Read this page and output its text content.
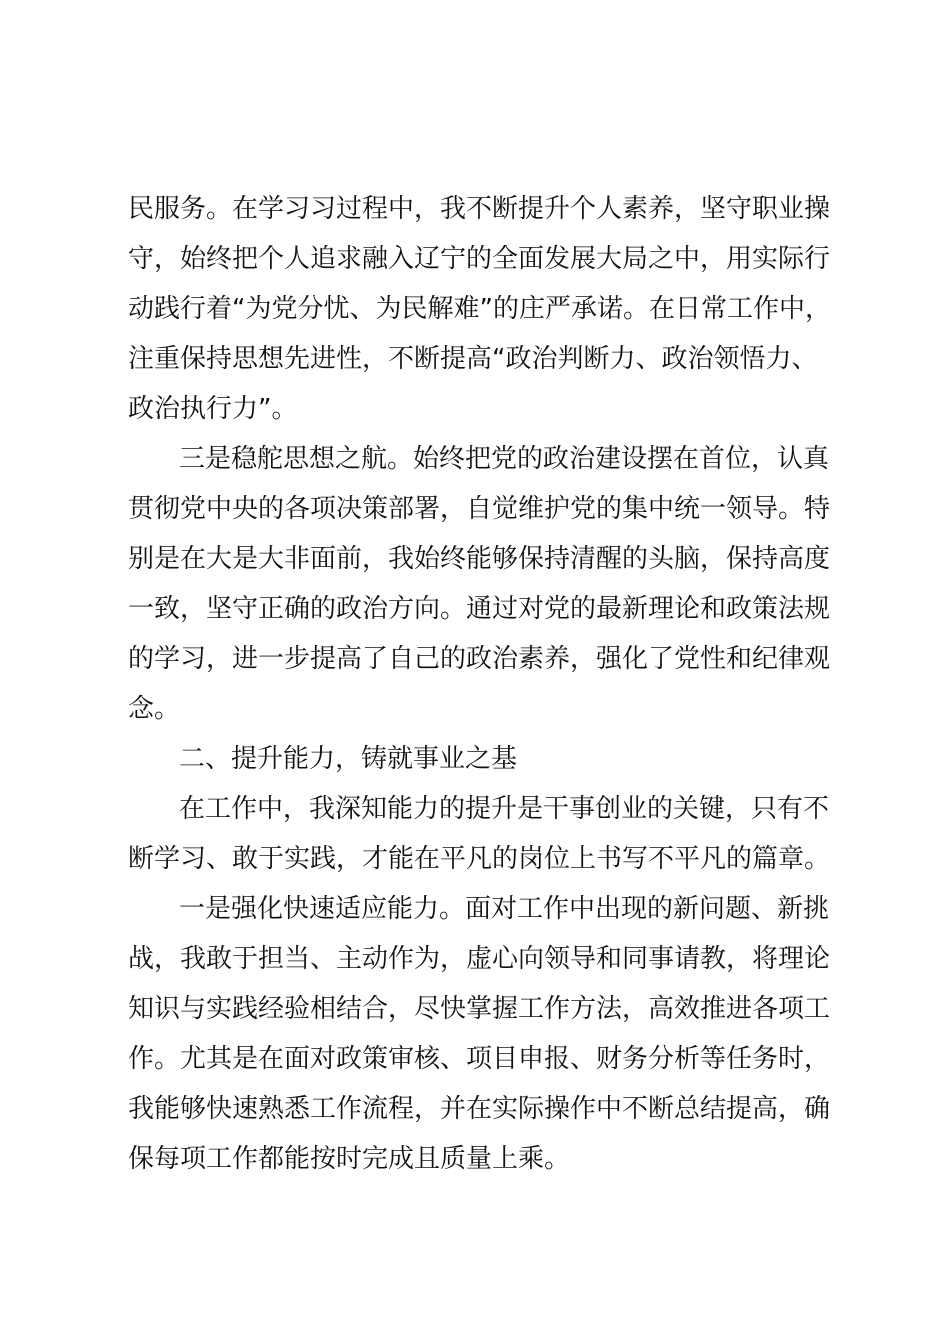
民服务。在学习习过程中，我不断提升个人素养，坚守职业操
守，始终把个人追求融入辽宁的全面发展大局之中，用实际行
动践行着“为党分忧、为民解难”的庄严承诺。在日常工作中，
注重保持思想先进性，不断提高“政治判断力、政治领悟力、
政治执行力”。
三是稳舵思想之航。始终把党的政治建设摆在首位，认真
贯彻党中央的各项决策部署，自觉维护党的集中统一领导。特
别是在大是大非面前，我始终能够保持清醒的头脑，保持高度
一致，坚守正确的政治方向。通过对党的最新理论和政策法规
的学习，进一步提高了自己的政治素养，强化了党性和纪律观
念。
二、提升能力，铸就事业之基
在工作中，我深知能力的提升是干事创业的关键，只有不
断学习、敢于实践，才能在平凡的岗位上书写不平凡的篇章。
一是强化快速适应能力。面对工作中出现的新问题、新挑
战，我敢于担当、主动作为，虚心向领导和同事请教，将理论
知识与实践经验相结合，尽快掌握工作方法，高效推进各项工
作。尤其是在面对政策审核、项目申报、财务分析等任务时，
我能够快速熟悉工作流程，并在实际操作中不断总结提高，确
保每项工作都能按时完成且质量上乘。
